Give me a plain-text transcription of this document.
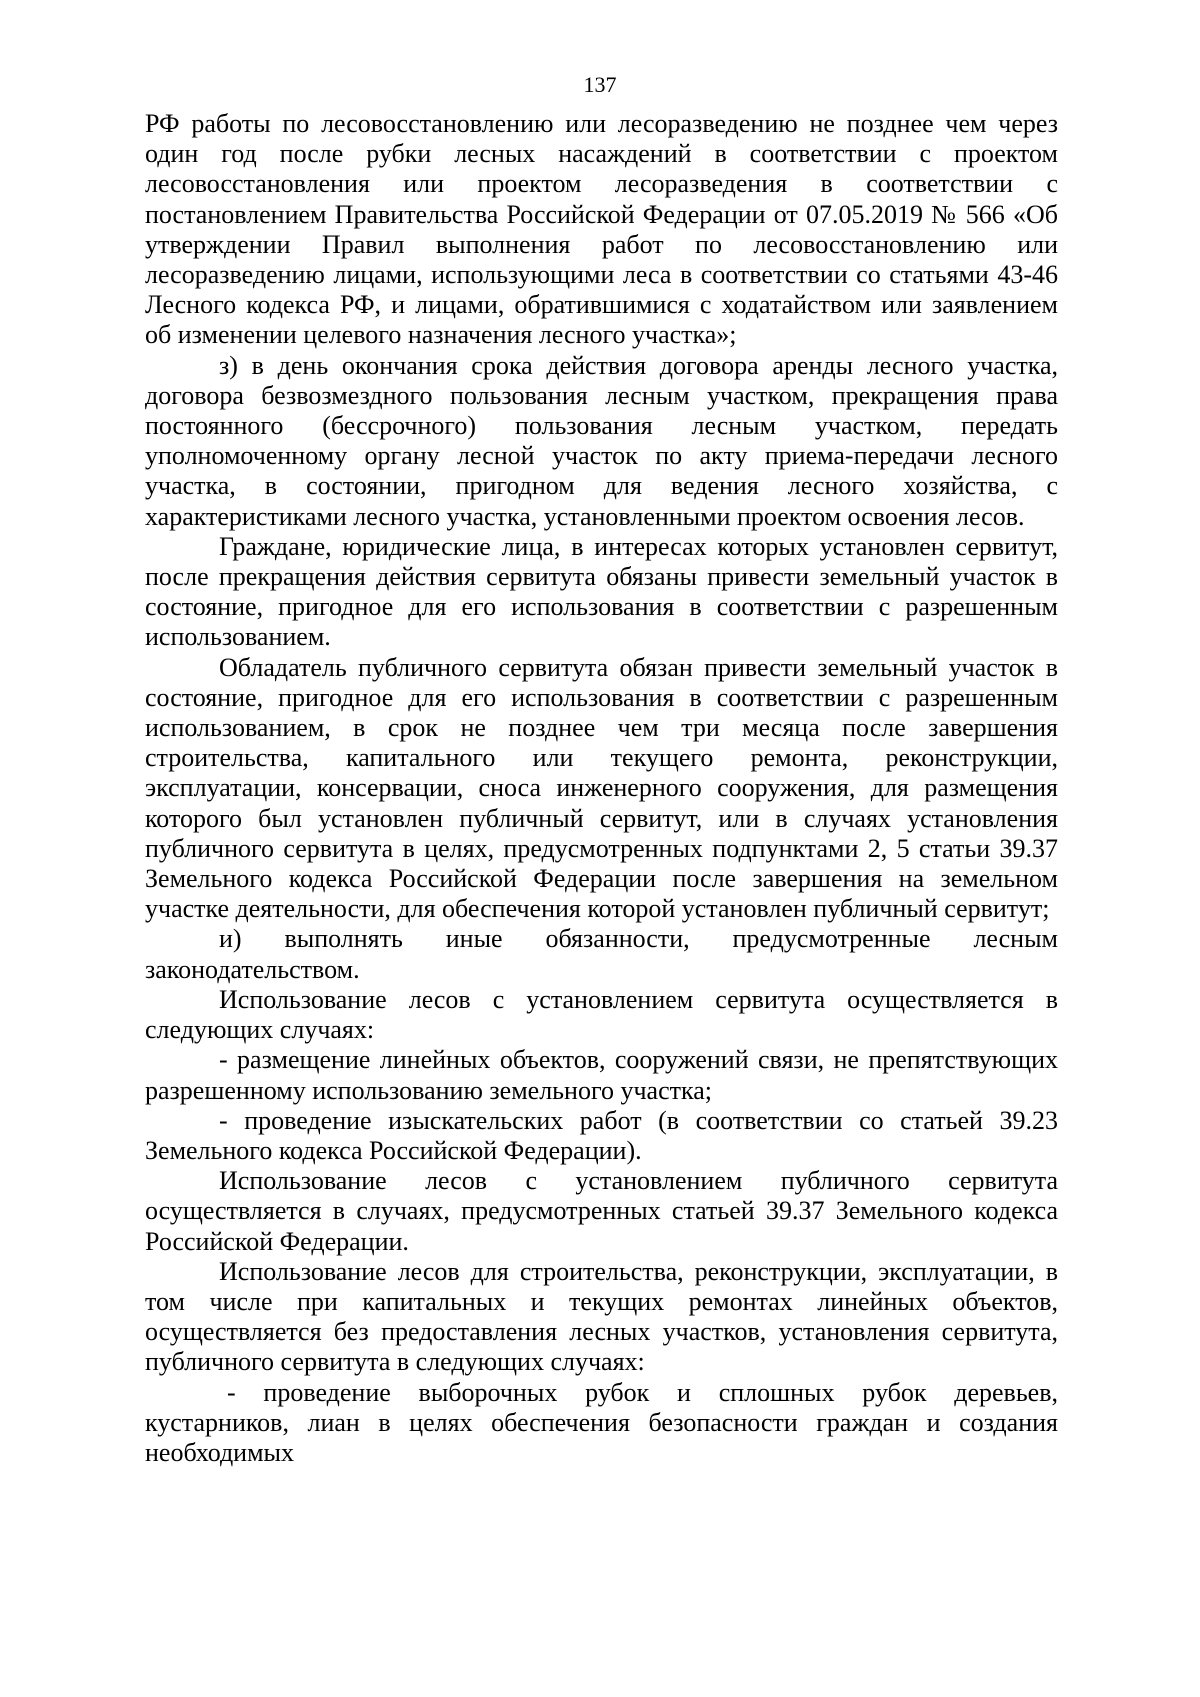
137

РФ работы по лесовосстановлению или лесоразведению не позднее чем через один год после рубки лесных насаждений в соответствии с проектом лесовосстановления или проектом лесоразведения в соответствии с постановлением Правительства Российской Федерации от 07.05.2019 № 566 «Об утверждении Правил выполнения работ по лесовосстановлению или лесоразведению лицами, использующими леса в соответствии со статьями 43-46 Лесного кодекса РФ, и лицами, обратившимися с ходатайством или заявлением об изменении целевого назначения лесного участка»;

з) в день окончания срока действия договора аренды лесного участка, договора безвозмездного пользования лесным участком, прекращения права постоянного (бессрочного) пользования лесным участком, передать уполномоченному органу лесной участок по акту приема-передачи лесного участка, в состоянии, пригодном для ведения лесного хозяйства, с характеристиками лесного участка, установленными проектом освоения лесов.

Граждане, юридические лица, в интересах которых установлен сервитут, после прекращения действия сервитута обязаны привести земельный участок в состояние, пригодное для его использования в соответствии с разрешенным использованием.

Обладатель публичного сервитута обязан привести земельный участок в состояние, пригодное для его использования в соответствии с разрешенным использованием, в срок не позднее чем три месяца после завершения строительства, капитального или текущего ремонта, реконструкции, эксплуатации, консервации, сноса инженерного сооружения, для размещения которого был установлен публичный сервитут, или в случаях установления публичного сервитута в целях, предусмотренных подпунктами 2, 5 статьи 39.37 Земельного кодекса Российской Федерации после завершения на земельном участке деятельности, для обеспечения которой установлен публичный сервитут;

и) выполнять иные обязанности, предусмотренные лесным законодательством.

Использование лесов с установлением сервитута осуществляется в следующих случаях:

- размещение линейных объектов, сооружений связи, не препятствующих разрешенному использованию земельного участка;

- проведение изыскательских работ (в соответствии со статьей 39.23 Земельного кодекса Российской Федерации).

Использование лесов с установлением публичного сервитута осуществляется в случаях, предусмотренных статьей 39.37 Земельного кодекса Российской Федерации.

Использование лесов для строительства, реконструкции, эксплуатации, в том числе при капитальных и текущих ремонтах линейных объектов, осуществляется без предоставления лесных участков, установления сервитута, публичного сервитута в следующих случаях:

- проведение выборочных рубок и сплошных рубок деревьев, кустарников, лиан в целях обеспечения безопасности граждан и создания необходимых
